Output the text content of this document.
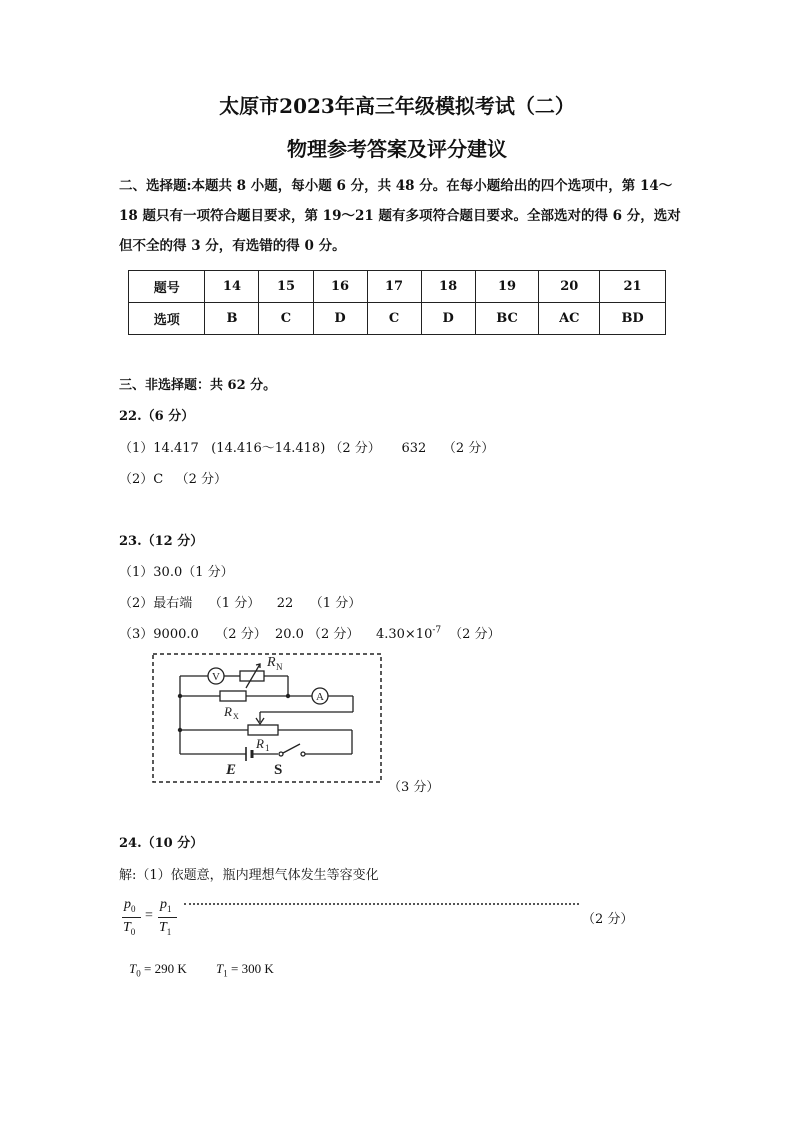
太原市2023年高三年级模拟考试（二）
物理参考答案及评分建议
二、选择题:本题共 8 小题，每小题 6 分，共 48 分。在每小题给出的四个选项中，第 14～
18 题只有一项符合题目要求，第 19～21 题有多项符合题目要求。全部选对的得 6 分，选对
但不全的得 3 分，有选错的得 0 分。
题号	14	15	16	17	18	19	20	21
选项	B	C	D	C	D	BC	AC	BD
三、非选择题：共 62 分。
22.（6 分）
（1）14.417   (14.416～14.418) （2 分）     632    （2 分）
（2）C   （2 分）
23.（12 分）
（1）30.0（1 分）
（2）最右端    （1 分）    22    （1 分）
（3）9000.0    （2 分）  20.0 （2 分）    $4.30\times 10^{-7}$ （2 分）
V
A
R N
R X
R 1
E	S
（3 分）
24.（10 分）
解:（1）依题意，瓶内理想气体发生等容变化
$p_0$
$T_0$
=
$p_1$
$T_1$
（2 分）
$T_0 = 290$ K $T_1 = 300$ K
